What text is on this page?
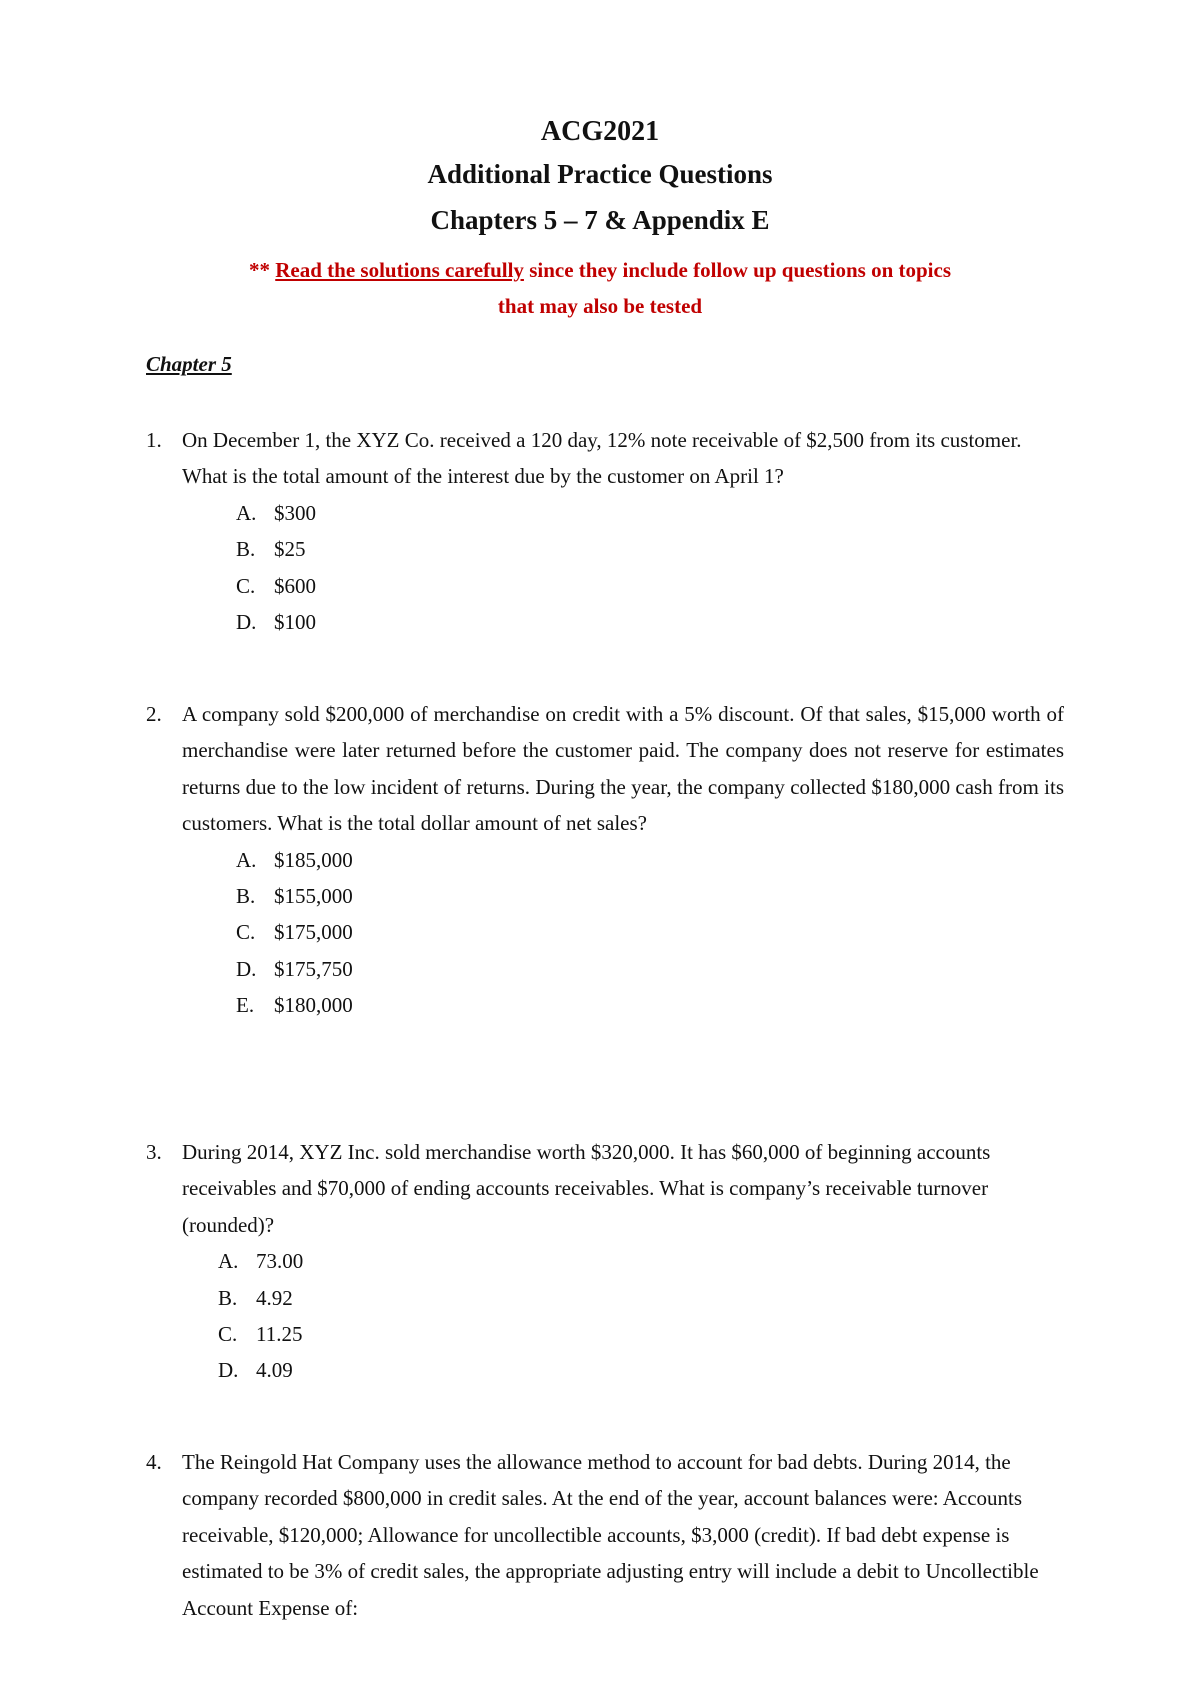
ACG2021
Additional Practice Questions
Chapters 5 – 7 & Appendix E
** Read the solutions carefully since they include follow up questions on topics
that may also be tested
Chapter 5
1. On December 1, the XYZ Co. received a 120 day, 12% note receivable of $2,500 from its customer. What is the total amount of the interest due by the customer on April 1?
A. $300
B. $25
C. $600
D. $100
2. A company sold $200,000 of merchandise on credit with a 5% discount. Of that sales, $15,000 worth of merchandise were later returned before the customer paid. The company does not reserve for estimates returns due to the low incident of returns. During the year, the company collected $180,000 cash from its customers. What is the total dollar amount of net sales?
A. $185,000
B. $155,000
C. $175,000
D. $175,750
E. $180,000
3. During 2014, XYZ Inc. sold merchandise worth $320,000. It has $60,000 of beginning accounts receivables and $70,000 of ending accounts receivables. What is company’s receivable turnover (rounded)?
A. 73.00
B. 4.92
C. 11.25
D. 4.09
4. The Reingold Hat Company uses the allowance method to account for bad debts. During 2014, the company recorded $800,000 in credit sales. At the end of the year, account balances were: Accounts receivable, $120,000; Allowance for uncollectible accounts, $3,000 (credit). If bad debt expense is estimated to be 3% of credit sales, the appropriate adjusting entry will include a debit to Uncollectible Account Expense of:
